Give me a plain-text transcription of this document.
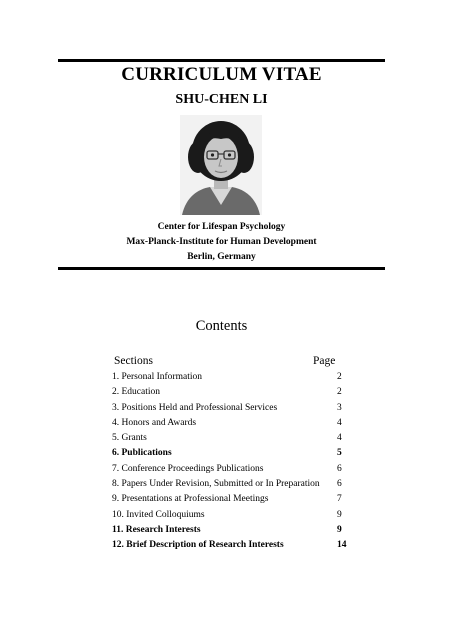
CURRICULUM VITAE
SHU-CHEN LI
Center for Lifespan Psychology
Max-Planck-Institute for Human Development
Berlin, Germany
Contents
Sections	Page
1. Personal Information	2
2. Education	2
3. Positions Held and Professional Services	3
4. Honors and Awards	4
5. Grants	4
6. Publications	5
7. Conference Proceedings Publications	6
8. Papers Under Revision, Submitted or In Preparation 6
9. Presentations at Professional Meetings	7
10. Invited Colloquiums	9
11. Research Interests	9
12. Brief Description of Research Interests	14
